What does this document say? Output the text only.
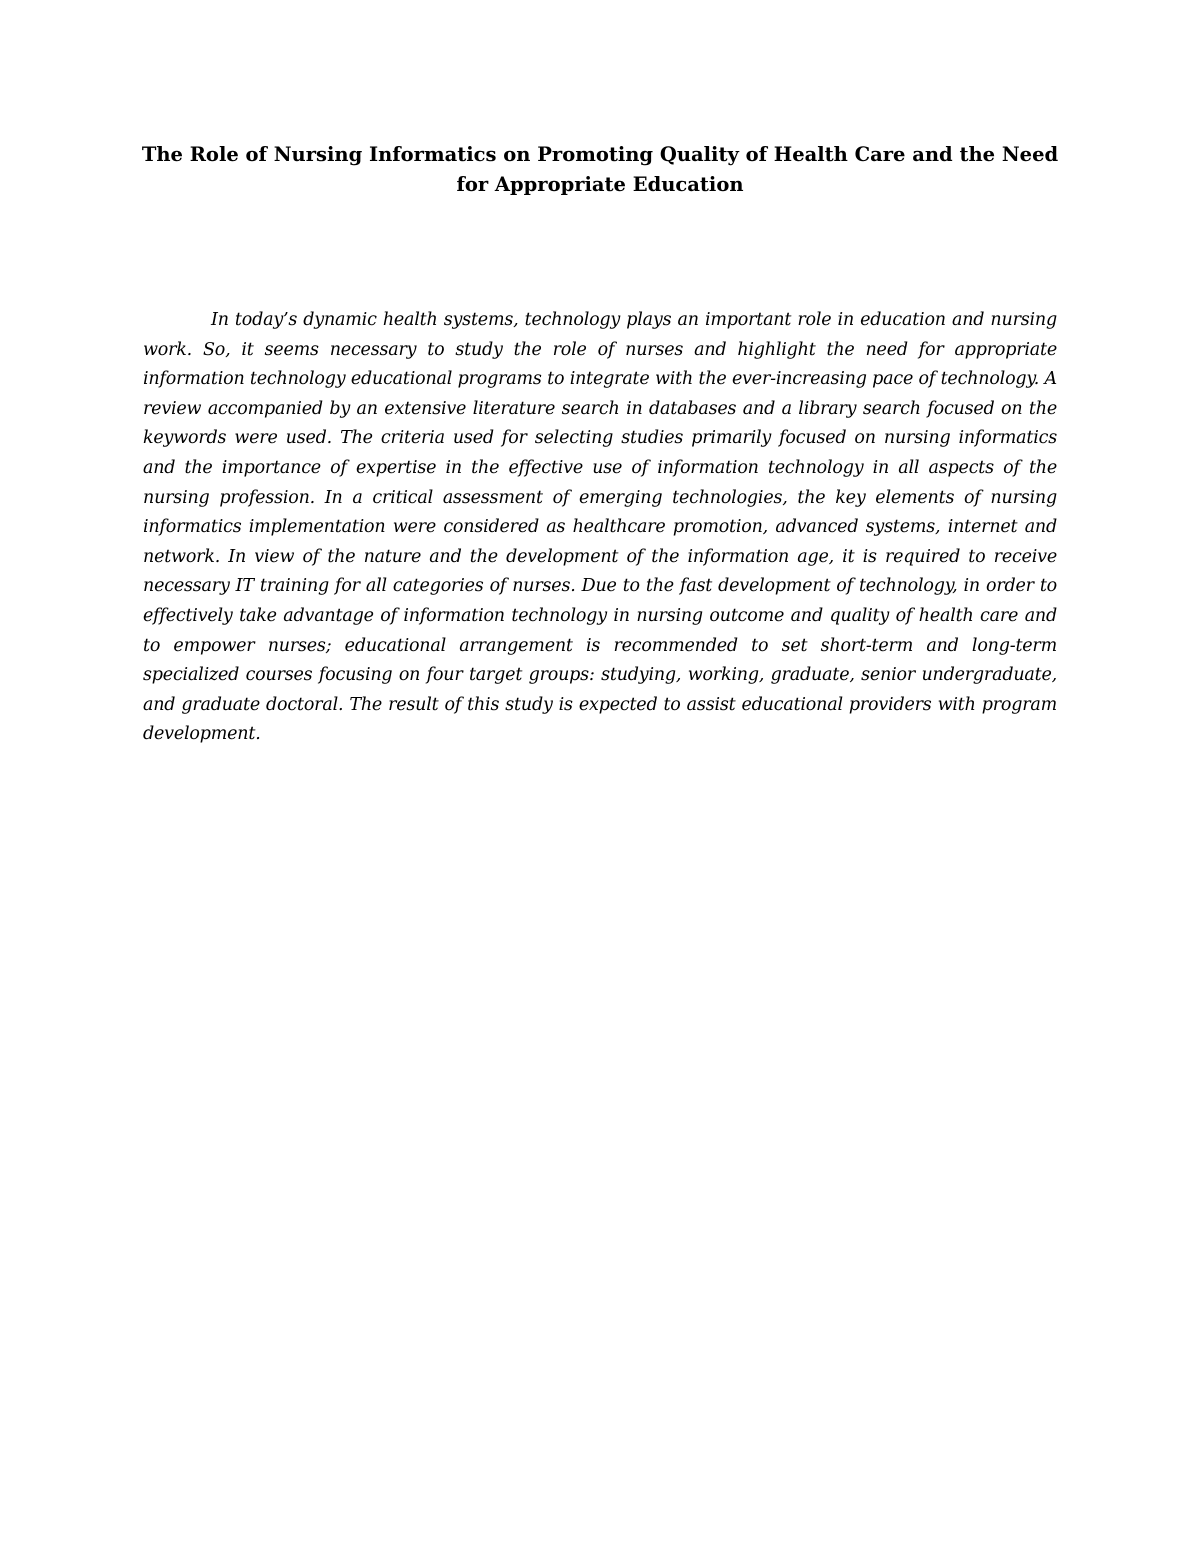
The Role of Nursing Informatics on Promoting Quality of Health Care and the Need for Appropriate Education

In today’s dynamic health systems, technology plays an important role in education and nursing work. So, it seems necessary to study the role of nurses and highlight the need for appropriate information technology educational programs to integrate with the ever-increasing pace of technology. A review accompanied by an extensive literature search in databases and a library search focused on the keywords were used. The criteria used for selecting studies primarily focused on nursing informatics and the importance of expertise in the effective use of information technology in all aspects of the nursing profession. In a critical assessment of emerging technologies, the key elements of nursing informatics implementation were considered as healthcare promotion, advanced systems, internet and network. In view of the nature and the development of the information age, it is required to receive necessary IT training for all categories of nurses. Due to the fast development of technology, in order to effectively take advantage of information technology in nursing outcome and quality of health care and to empower nurses; educational arrangement is recommended to set short-term and long-term specialized courses focusing on four target groups: studying, working, graduate, senior undergraduate, and graduate doctoral. The result of this study is expected to assist educational providers with program development.
